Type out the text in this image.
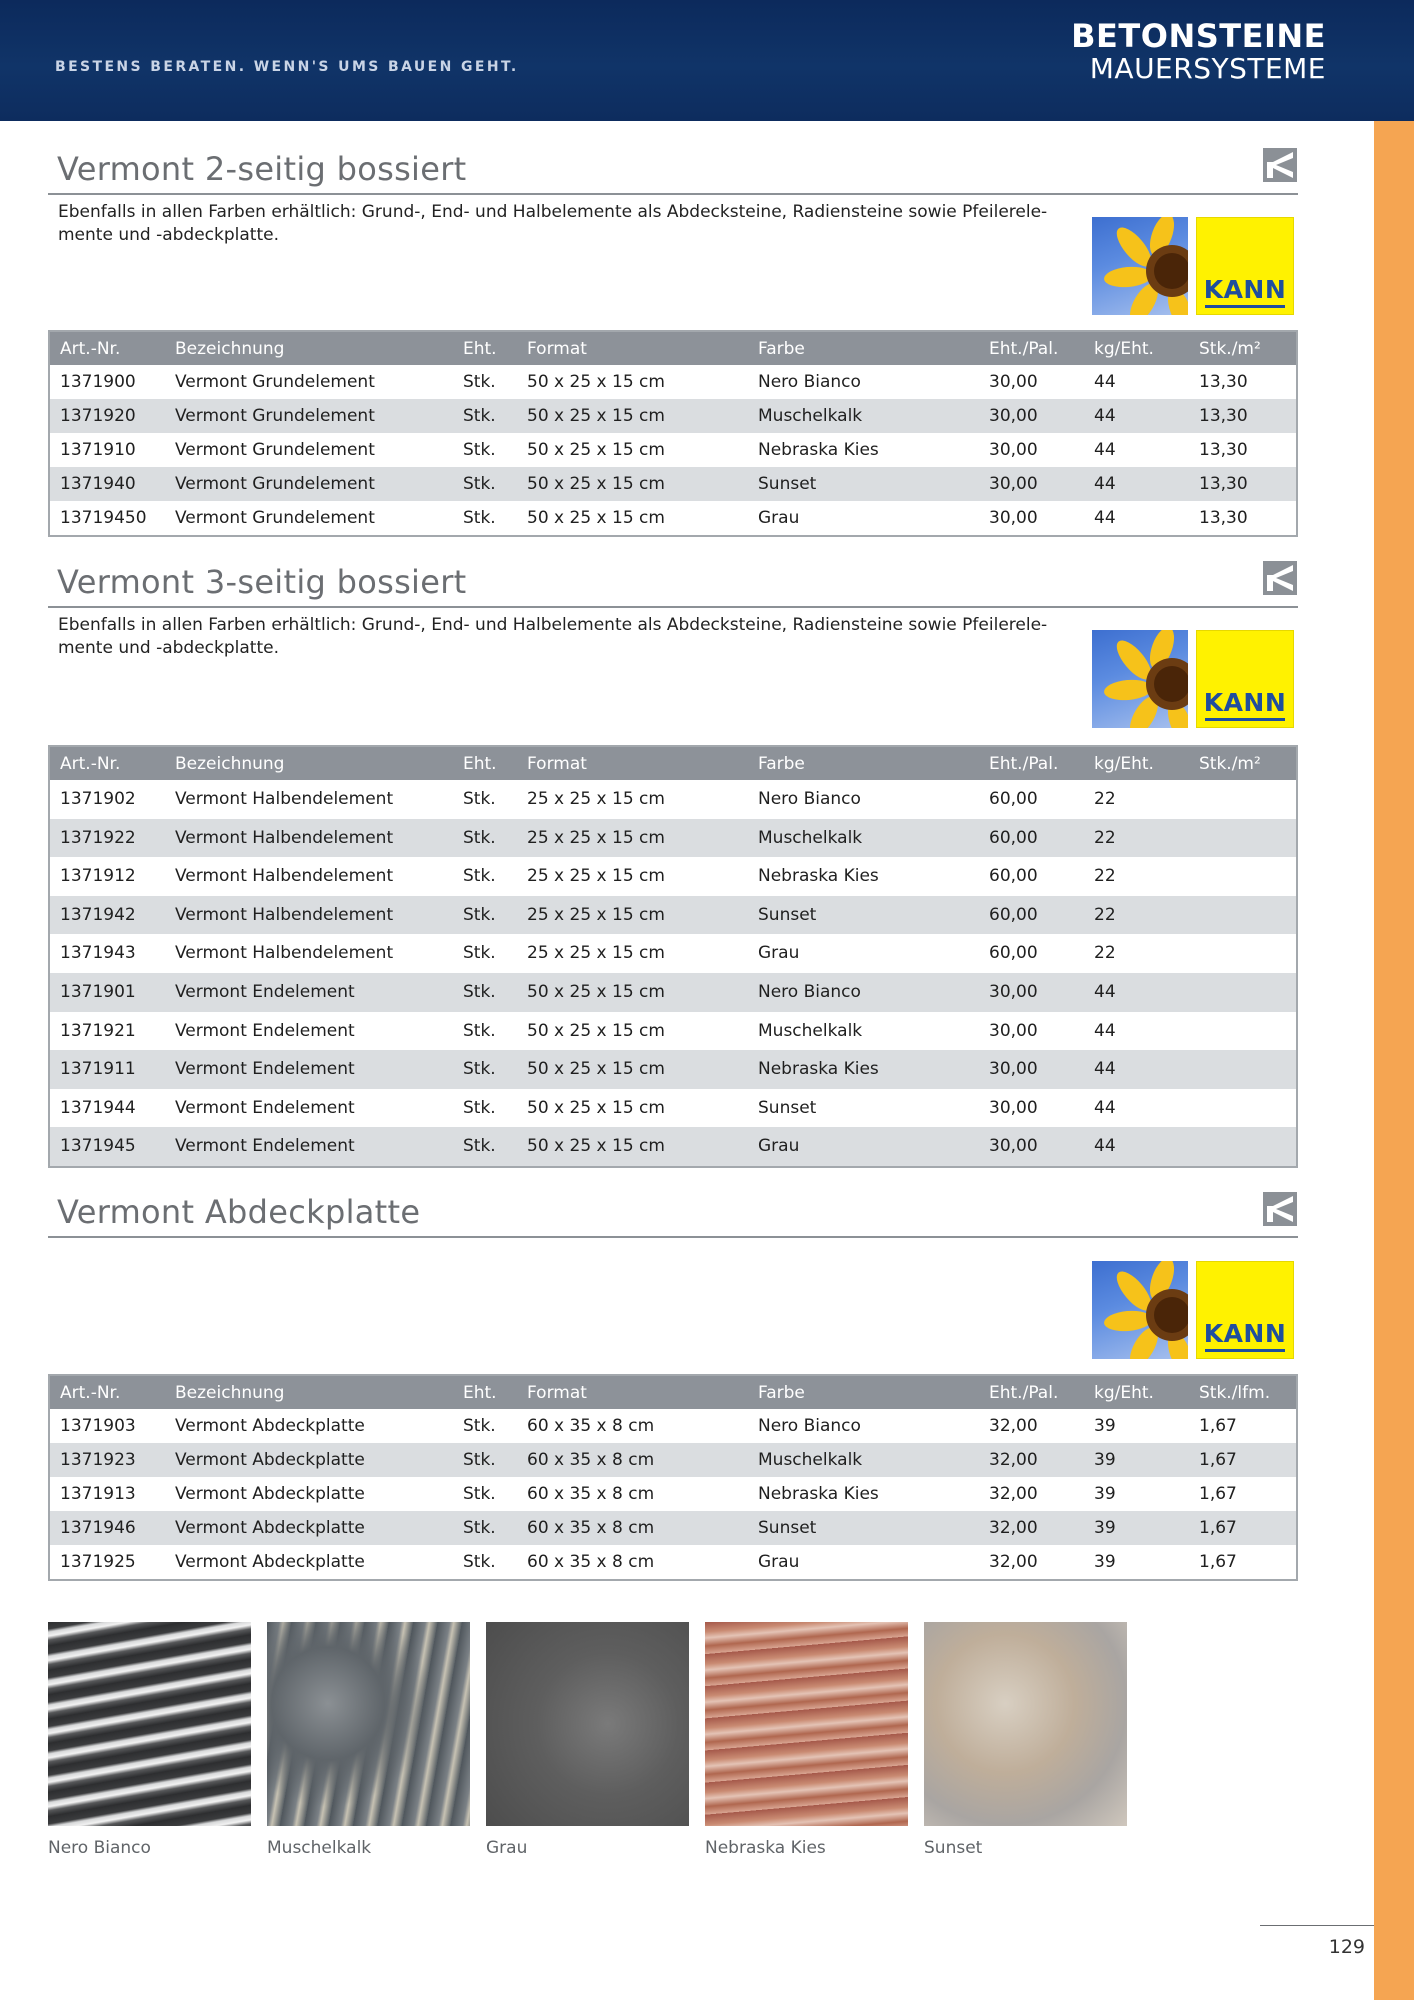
BESTENS BERATEN. WENN'S UMS BAUEN GEHT.
BETONSTEINE
MAUERSYSTEME
Vermont 2-seitig bossiert
Ebenfalls in allen Farben erhältlich: Grund-, End- und Halbelemente als Abdecksteine, Radiensteine sowie Pfeilerele-
mente und -abdeckplatte.
KANN
Art.-Nr.	Bezeichnung	Eht. Format	Farbe	Eht./Pal. kg/Eht.	Stk./m²
1371900 Vermont Grundelement	Stk. 50 x 25 x 15 cm	Nero Bianco	30,00	44	13,30
1371920 Vermont Grundelement	Stk. 50 x 25 x 15 cm	Muschelkalk	30,00	44	13,30
1371910 Vermont Grundelement	Stk. 50 x 25 x 15 cm	Nebraska Kies	30,00	44	13,30
1371940 Vermont Grundelement	Stk. 50 x 25 x 15 cm	Sunset	30,00	44	13,30
13719450 Vermont Grundelement	Stk. 50 x 25 x 15 cm	Grau	30,00	44	13,30
Vermont 3-seitig bossiert
Ebenfalls in allen Farben erhältlich: Grund-, End- und Halbelemente als Abdecksteine, Radiensteine sowie Pfeilerele-
mente und -abdeckplatte.
KANN
Art.-Nr.	Bezeichnung	Eht. Format	Farbe	Eht./Pal. kg/Eht.	Stk./m²
1371902 Vermont Halbendelement	Stk. 25 x 25 x 15 cm	Nero Bianco	60,00	22
1371922 Vermont Halbendelement	Stk. 25 x 25 x 15 cm	Muschelkalk	60,00	22
1371912 Vermont Halbendelement	Stk. 25 x 25 x 15 cm	Nebraska Kies	60,00	22
1371942 Vermont Halbendelement	Stk. 25 x 25 x 15 cm	Sunset	60,00	22
1371943 Vermont Halbendelement	Stk. 25 x 25 x 15 cm	Grau	60,00	22
1371901 Vermont Endelement	Stk. 50 x 25 x 15 cm	Nero Bianco	30,00	44
1371921 Vermont Endelement	Stk. 50 x 25 x 15 cm	Muschelkalk	30,00	44
1371911 Vermont Endelement	Stk. 50 x 25 x 15 cm	Nebraska Kies	30,00	44
1371944 Vermont Endelement	Stk. 50 x 25 x 15 cm	Sunset	30,00	44
1371945 Vermont Endelement	Stk. 50 x 25 x 15 cm	Grau	30,00	44
Vermont Abdeckplatte
KANN
Art.-Nr.	Bezeichnung	Eht. Format	Farbe	Eht./Pal. kg/Eht.	Stk./lfm.
1371903 Vermont Abdeckplatte	Stk. 60 x 35 x 8 cm	Nero Bianco	32,00	39	1,67
1371923 Vermont Abdeckplatte	Stk. 60 x 35 x 8 cm	Muschelkalk	32,00	39	1,67
1371913 Vermont Abdeckplatte	Stk. 60 x 35 x 8 cm	Nebraska Kies	32,00	39	1,67
1371946 Vermont Abdeckplatte	Stk. 60 x 35 x 8 cm	Sunset	32,00	39	1,67
1371925 Vermont Abdeckplatte	Stk. 60 x 35 x 8 cm	Grau	32,00	39	1,67
Nero Bianco	Muschelkalk	Grau	Nebraska Kies	Sunset
129
